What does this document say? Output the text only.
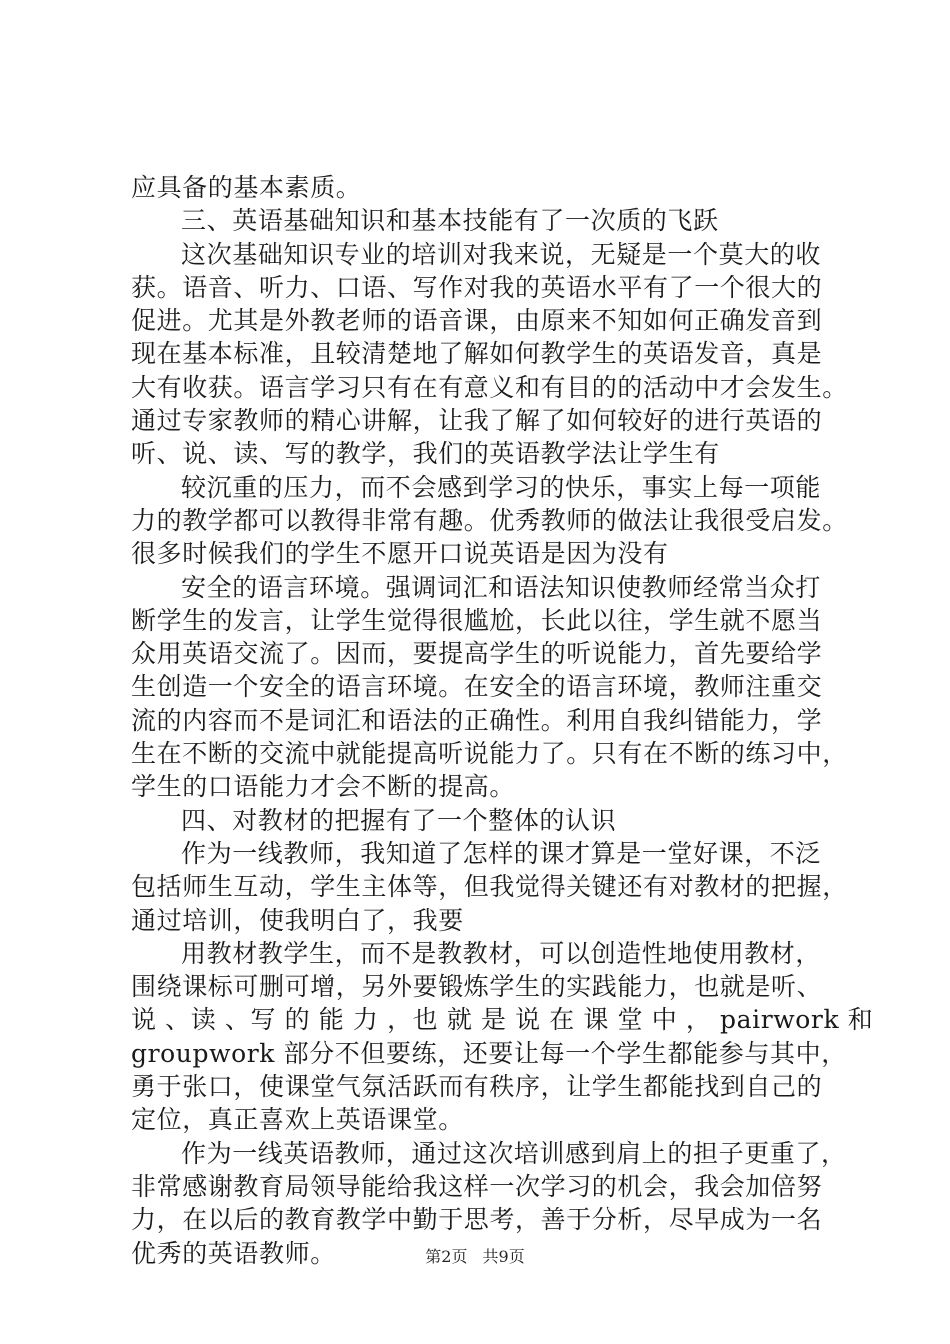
应具备的基本素质。
三、英语基础知识和基本技能有了一次质的飞跃
这次基础知识专业的培训对我来说，无疑是一个莫大的收
获。语音、听力、口语、写作对我的英语水平有了一个很大的
促进。尤其是外教老师的语音课，由原来不知如何正确发音到
现在基本标准，且较清楚地了解如何教学生的英语发音，真是
大有收获。语言学习只有在有意义和有目的的活动中才会发生。
通过专家教师的精心讲解，让我了解了如何较好的进行英语的
听、说、读、写的教学，我们的英语教学法让学生有
较沉重的压力，而不会感到学习的快乐，事实上每一项能
力的教学都可以教得非常有趣。优秀教师的做法让我很受启发。
很多时候我们的学生不愿开口说英语是因为没有
安全的语言环境。强调词汇和语法知识使教师经常当众打
断学生的发言，让学生觉得很尴尬，长此以往，学生就不愿当
众用英语交流了。因而，要提高学生的听说能力，首先要给学
生创造一个安全的语言环境。在安全的语言环境，教师注重交
流的内容而不是词汇和语法的正确性。利用自我纠错能力，学
生在不断的交流中就能提高听说能力了。只有在不断的练习中，
学生的口语能力才会不断的提高。
四、对教材的把握有了一个整体的认识
作为一线教师，我知道了怎样的课才算是一堂好课，不泛
包括师生互动，学生主体等，但我觉得关键还有对教材的把握，
通过培训，使我明白了，我要
用教材教学生，而不是教教材，可以创造性地使用教材，
围绕课标可删可增，另外要锻炼学生的实践能力，也就是听、
说 、读 、写 的 能 力 ，也 就 是 说 在 课 堂 中 ， pairwork 和
groupwork 部分不但要练，还要让每一个学生都能参与其中，
勇于张口，使课堂气氛活跃而有秩序，让学生都能找到自己的
定位，真正喜欢上英语课堂。
作为一线英语教师，通过这次培训感到肩上的担子更重了，
非常感谢教育局领导能给我这样一次学习的机会，我会加倍努
力，在以后的教育教学中勤于思考，善于分析，尽早成为一名
优秀的英语教师。	第2页 共9页
